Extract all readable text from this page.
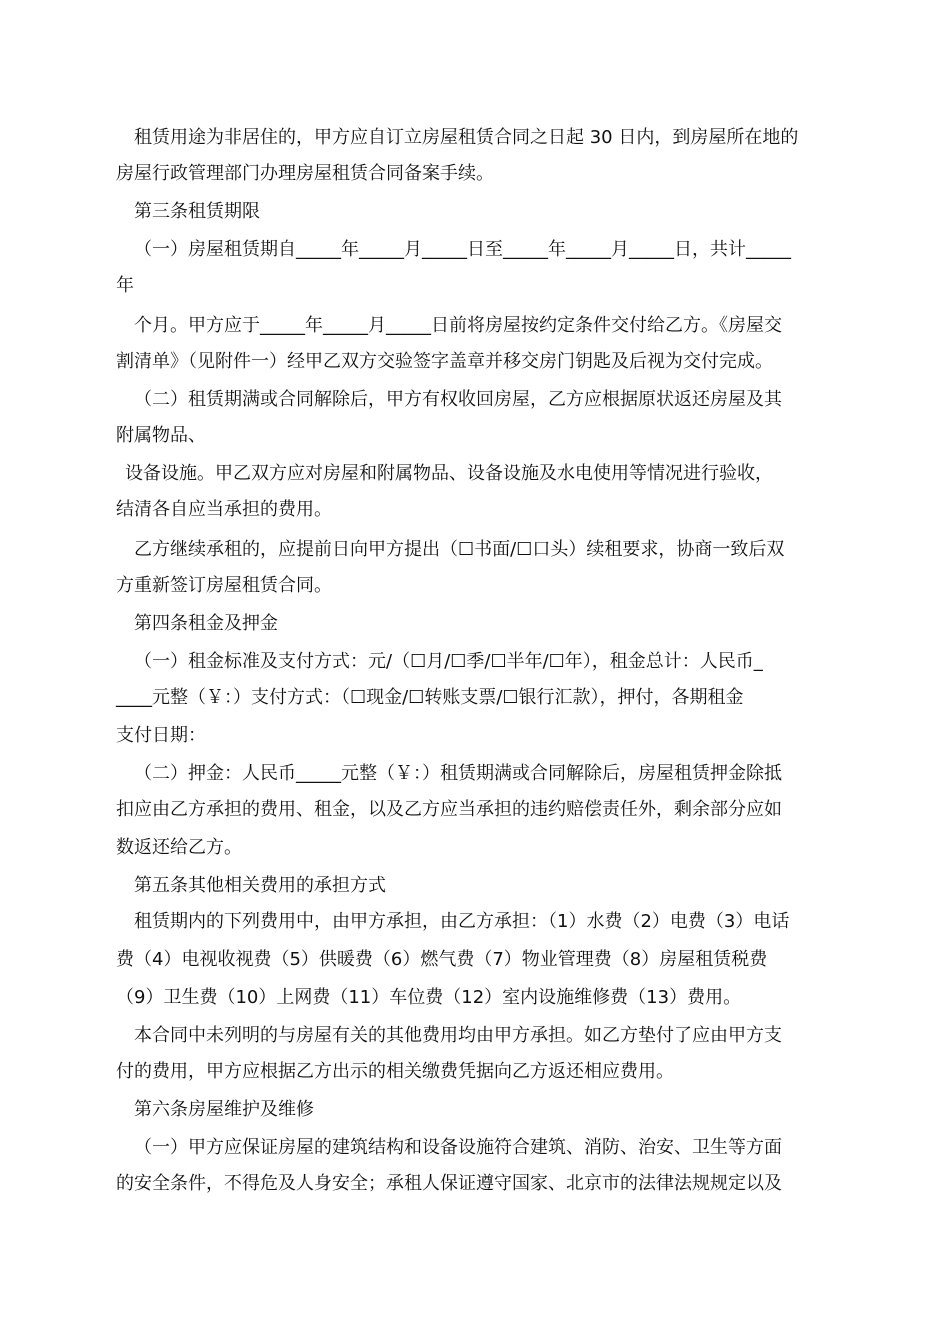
租赁用途为非居住的，甲方应自订立房屋租赁合同之日起 30 日内，到房屋所在地的
房屋行政管理部门办理房屋租赁合同备案手续。
第三条租赁期限
（一）房屋租赁期自_____年_____月_____日至_____年_____月_____日，共计_____
年
个月。甲方应于_____年_____月_____日前将房屋按约定条件交付给乙方。《房屋交
割清单》（见附件一）经甲乙双方交验签字盖章并移交房门钥匙及后视为交付完成。
（二）租赁期满或合同解除后，甲方有权收回房屋，乙方应根据原状返还房屋及其
附属物品、
设备设施。甲乙双方应对房屋和附属物品、设备设施及水电使用等情况进行验收，
结清各自应当承担的费用。
乙方继续承租的，应提前日向甲方提出（☐书面/☐口头）续租要求，协商一致后双
方重新签订房屋租赁合同。
第四条租金及押金
（一）租金标准及支付方式：元/（☐月/☐季/☐半年/☐年），租金总计：人民币_
____元整（￥：）支付方式：（☐现金/☐转账支票/☐银行汇款），押付，各期租金
支付日期：
（二）押金：人民币_____元整（￥：）租赁期满或合同解除后，房屋租赁押金除抵
扣应由乙方承担的费用、租金，以及乙方应当承担的违约赔偿责任外，剩余部分应如
数返还给乙方。
第五条其他相关费用的承担方式
租赁期内的下列费用中，由甲方承担，由乙方承担：（1）水费（2）电费（3）电话
费（4）电视收视费（5）供暖费（6）燃气费（7）物业管理费（8）房屋租赁税费
（9）卫生费（10）上网费（11）车位费（12）室内设施维修费（13）费用。
本合同中未列明的与房屋有关的其他费用均由甲方承担。如乙方垫付了应由甲方支
付的费用，甲方应根据乙方出示的相关缴费凭据向乙方返还相应费用。
第六条房屋维护及维修
（一）甲方应保证房屋的建筑结构和设备设施符合建筑、消防、治安、卫生等方面
的安全条件，不得危及人身安全；承租人保证遵守国家、北京市的法律法规规定以及
